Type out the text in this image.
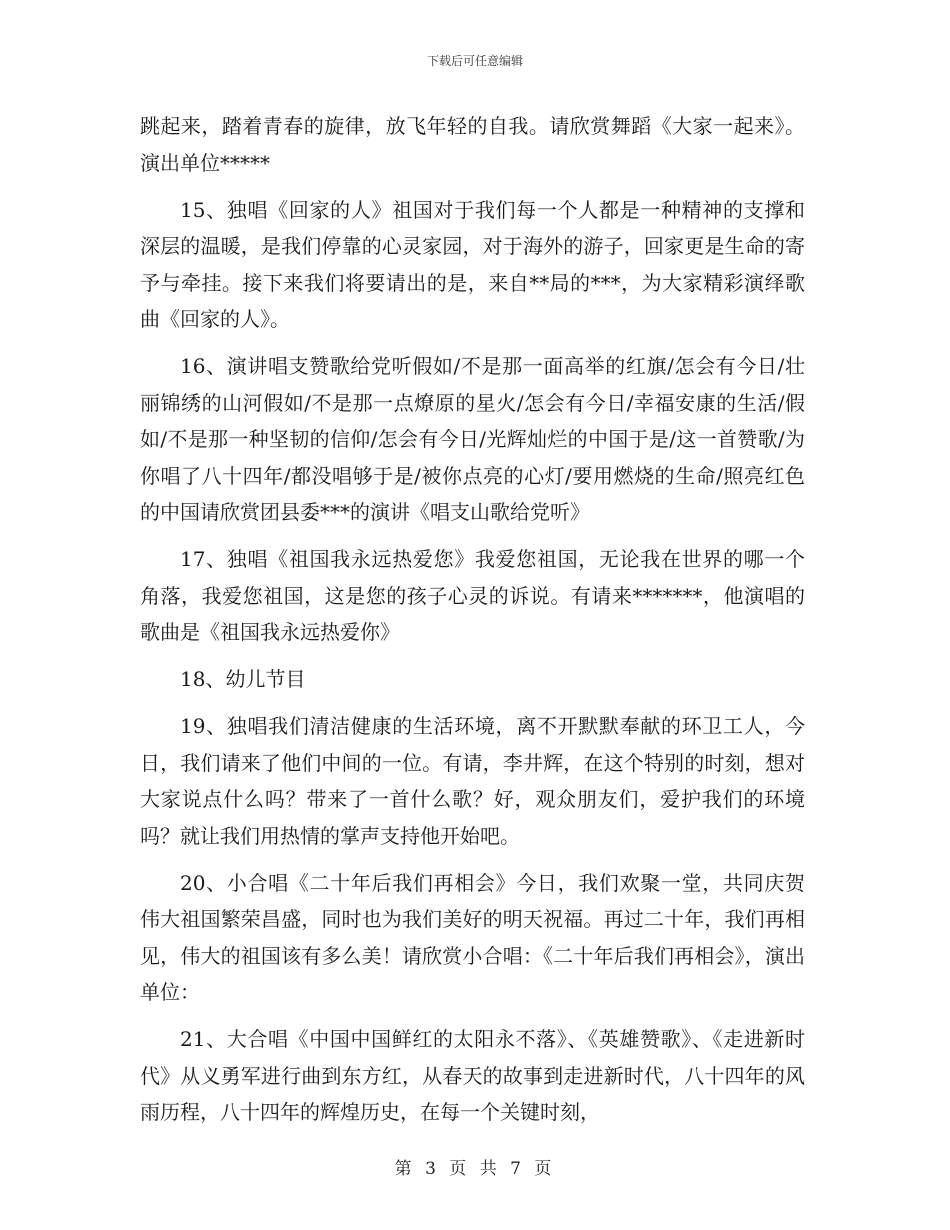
下载后可任意编辑

跳起来，踏着青春的旋律，放飞年轻的自我。请欣赏舞蹈《大家一起来》。演出单位*****

15、独唱《回家的人》祖国对于我们每一个人都是一种精神的支撑和深层的温暖，是我们停靠的心灵家园，对于海外的游子，回家更是生命的寄予与牵挂。接下来我们将要请出的是，来自**局的***，为大家精彩演绎歌曲《回家的人》。

16、演讲唱支赞歌给党听假如/不是那一面高举的红旗/怎会有今日/壮丽锦绣的山河假如/不是那一点燎原的星火/怎会有今日/幸福安康的生活/假如/不是那一种坚韧的信仰/怎会有今日/光辉灿烂的中国于是/这一首赞歌/为你唱了八十四年/都没唱够于是/被你点亮的心灯/要用燃烧的生命/照亮红色的中国请欣赏团县委***的演讲《唱支山歌给党听》

17、独唱《祖国我永远热爱您》我爱您祖国，无论我在世界的哪一个角落，我爱您祖国，这是您的孩子心灵的诉说。有请来*******，他演唱的歌曲是《祖国我永远热爱你》

18、幼儿节目

19、独唱我们清洁健康的生活环境，离不开默默奉献的环卫工人，今日，我们请来了他们中间的一位。有请，李井辉，在这个特别的时刻，想对大家说点什么吗？带来了一首什么歌？好，观众朋友们，爱护我们的环境吗？就让我们用热情的掌声支持他开始吧。

20、小合唱《二十年后我们再相会》今日，我们欢聚一堂，共同庆贺伟大祖国繁荣昌盛，同时也为我们美好的明天祝福。再过二十年，我们再相见，伟大的祖国该有多么美！请欣赏小合唱：《二十年后我们再相会》，演出单位：

21、大合唱《中国中国鲜红的太阳永不落》、《英雄赞歌》、《走进新时代》从义勇军进行曲到东方红，从春天的故事到走进新时代，八十四年的风雨历程，八十四年的辉煌历史，在每一个关键时刻，

第 3 页 共 7 页
